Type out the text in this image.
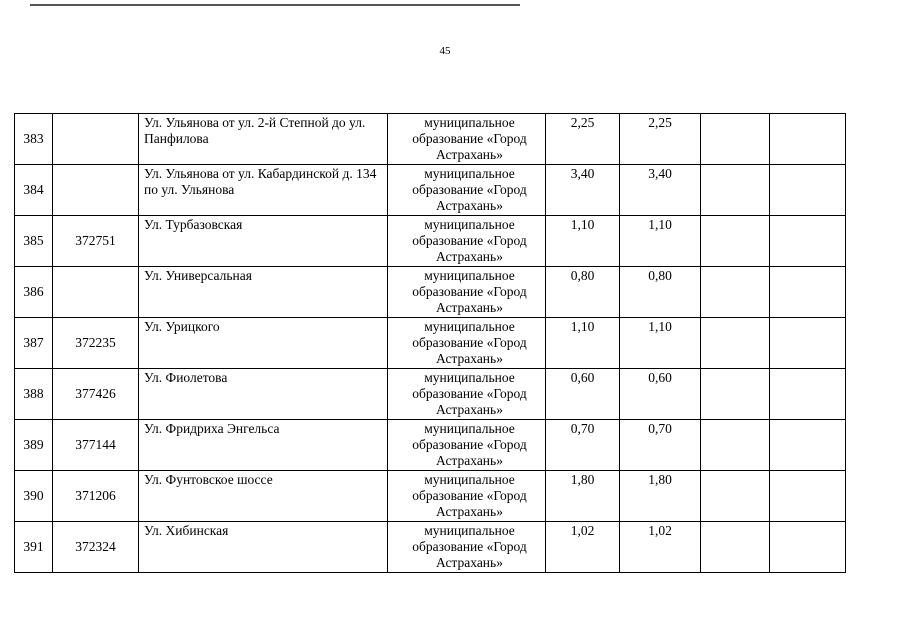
45
383		Ул. Ульянова от ул. 2-й Степной до ул. Панфилова	муниципальное образование «Город Астрахань»	2,25	2,25		
384		Ул. Ульянова от ул. Кабардинской д. 134 по ул. Ульянова	муниципальное образование «Город Астрахань»	3,40	3,40		
385	372751	Ул. Турбазовская	муниципальное образование «Город Астрахань»	1,10	1,10		
386		Ул. Универсальная	муниципальное образование «Город Астрахань»	0,80	0,80		
387	372235	Ул. Урицкого	муниципальное образование «Город Астрахань»	1,10	1,10		
388	377426	Ул. Фиолетова	муниципальное образование «Город Астрахань»	0,60	0,60		
389	377144	Ул. Фридриха Энгельса	муниципальное образование «Город Астрахань»	0,70	0,70		
390	371206	Ул. Фунтовское шоссе	муниципальное образование «Город Астрахань»	1,80	1,80		
391	372324	Ул. Хибинская	муниципальное образование «Город Астрахань»	1,02	1,02		
